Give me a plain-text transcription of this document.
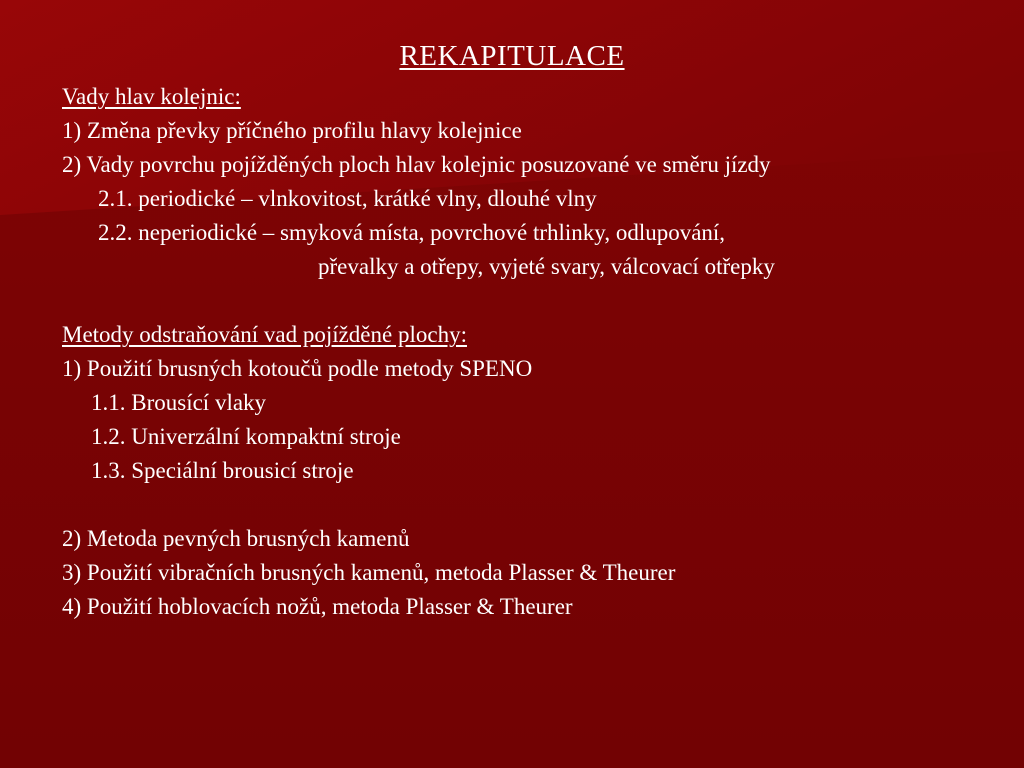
REKAPITULACE
Vady hlav kolejnic:
1) Změna převky příčného profilu hlavy kolejnice
2) Vady povrchu pojížděných ploch hlav kolejnic posuzované ve směru jízdy
2.1. periodické – vlnkovitost, krátké vlny, dlouhé vlny
2.2. neperiodické – smyková místa, povrchové trhlinky, odlupování,
převalky a otřepy, vyjeté svary, válcovací otřepky
Metody odstraňování vad pojížděné plochy:
1) Použití brusných kotoučů podle metody SPENO
1.1. Brousící vlaky
1.2. Univerzální kompaktní stroje
1.3. Speciální brousicí stroje
2) Metoda pevných brusných kamenů
3) Použití vibračních brusných kamenů, metoda Plasser & Theurer
4) Použití hoblovacích nožů, metoda Plasser & Theurer
